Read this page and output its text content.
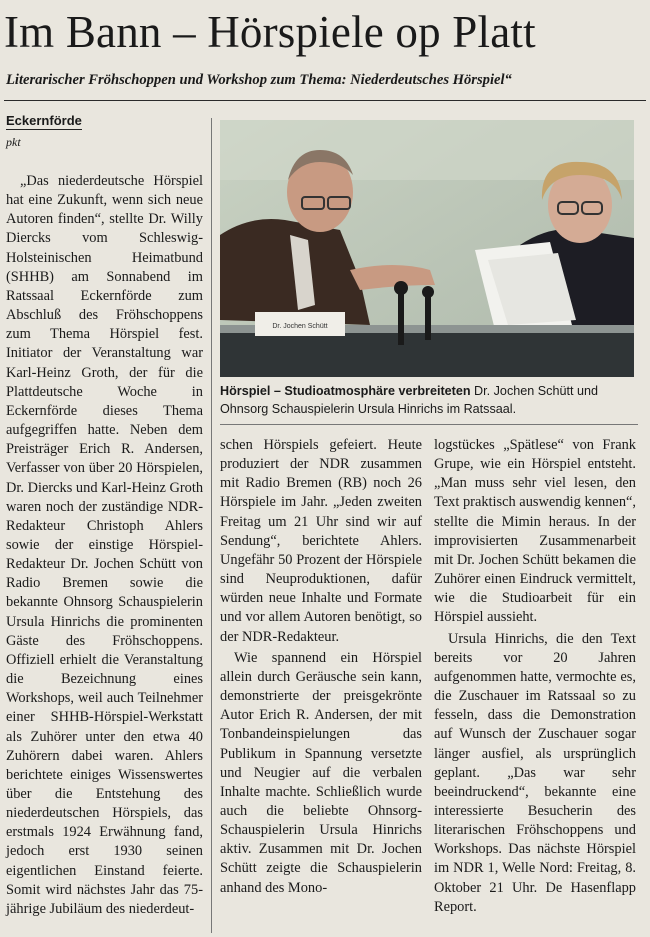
Im Bann – Hörspiele op Platt
Literarischer Fröhschoppen und Workshop zum Thema: Niederdeutsches Hörspiel“
Eckernförde
pkt

„Das niederdeutsche Hörspiel hat eine Zukunft, wenn sich neue Autoren finden“, stellte Dr. Willy Diercks vom Schleswig-Holsteinischen Heimatbund (SHHB) am Sonnabend im Ratssaal Eckernförde zum Abschluß des Fröhschoppens zum Thema Hörspiel fest. Initiator der Veranstaltung war Karl-Heinz Groth, der für die Plattdeutsche Woche in Eckernförde dieses Thema aufgegriffen hatte. Neben dem Preisträger Erich R. Andersen, Verfasser von über 20 Hörspielen, Dr. Diercks und Karl-Heinz Groth waren noch der zuständige NDR-Redakteur Christoph Ahlers sowie der einstige Hörspiel-Redakteur Dr. Jochen Schütt von Radio Bremen sowie die bekannte Ohnsorg Schauspielerin Ursula Hinrichs die prominenten Gäste des Fröhschoppens. Offiziell erhielt die Veranstaltung die Bezeichnung eines Workshops, weil auch Teilnehmer einer SHHB-Hörspiel-Werkstatt als Zuhörer unter den etwa 40 Zuhörern dabei waren. Ahlers berichtete einiges Wissenswertes über die Entstehung des niederdeutschen Hörspiels, das erstmals 1924 Erwähnung fand, jedoch erst 1930 seinen eigentlichen Einstand feierte. Somit wird nächstes Jahr das 75-jährige Jubiläum des niederdeut-

Dr. Jochen Schütt
Hörspiel – Studioatmosphäre verbreiteten Dr. Jochen Schütt und Ohnsorg Schauspielerin Ursula Hinrichs im Ratssaal.

schen Hörspiels gefeiert. Heute produziert der NDR zusammen mit Radio Bremen (RB) noch 26 Hörspiele im Jahr. „Jeden zweiten Freitag um 21 Uhr sind wir auf Sendung“, berichtete Ahlers. Ungefähr 50 Prozent der Hörspiele sind Neuproduktionen, dafür würden neue Inhalte und Formate und vor allem Autoren benötigt, so der NDR-Redakteur.

Wie spannend ein Hörspiel allein durch Geräusche sein kann, demonstrierte der preisgekrönte Autor Erich R. Andersen, der mit Tonbandeinspielungen das Publikum in Spannung versetzte und Neugier auf die verbalen Inhalte machte. Schließlich wurde auch die beliebte Ohnsorg-Schauspielerin Ursula Hinrichs aktiv. Zusammen mit Dr. Jochen Schütt zeigte die Schauspielerin anhand des Mono-

logstückes „Spätlese“ von Frank Grupe, wie ein Hörspiel entsteht. „Man muss sehr viel lesen, den Text praktisch auswendig kennen“, stellte die Mimin heraus. In der improvisierten Zusammenarbeit mit Dr. Jochen Schütt bekamen die Zuhörer einen Eindruck vermittelt, wie die Studioarbeit für ein Hörspiel aussieht.

Ursula Hinrichs, die den Text bereits vor 20 Jahren aufgenommen hatte, vermochte es, die Zuschauer im Ratssaal so zu fesseln, dass die Demonstration auf Wunsch der Zuschauer sogar länger ausfiel, als ursprünglich geplant. „Das war sehr beeindruckend“, bekannte eine interessierte Besucherin des literarischen Fröhschoppens und Workshops. Das nächste Hörspiel im NDR 1, Welle Nord: Freitag, 8. Oktober 21 Uhr. De Hasenflapp Report.
